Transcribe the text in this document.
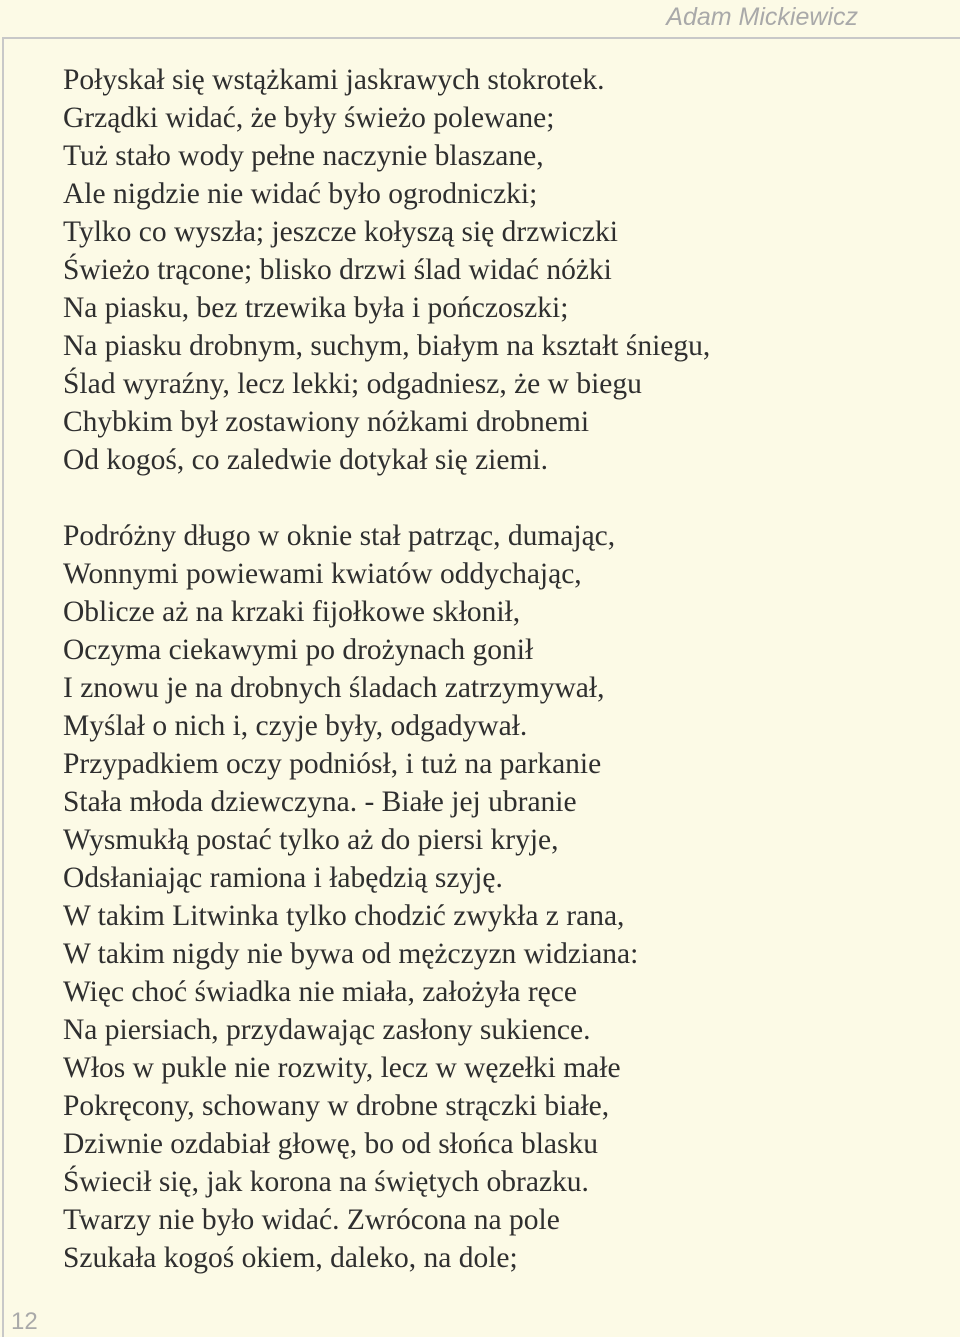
Adam Mickiewicz
Połyskał się wstążkami jaskrawych stokrotek.
Grządki widać, że były świeżo polewane;
Tuż stało wody pełne naczynie blaszane,
Ale nigdzie nie widać było ogrodniczki;
Tylko co wyszła; jeszcze kołyszą się drzwiczki
Świeżo trącone; blisko drzwi ślad widać nóżki
Na piasku, bez trzewika była i pończoszki;
Na piasku drobnym, suchym, białym na kształt śniegu,
Ślad wyraźny, lecz lekki; odgadniesz, że w biegu
Chybkim był zostawiony nóżkami drobnemi
Od kogoś, co zaledwie dotykał się ziemi.
Podróżny długo w oknie stał patrząc, dumając,
Wonnymi powiewami kwiatów oddychając,
Oblicze aż na krzaki fijołkowe skłonił,
Oczyma ciekawymi po drożynach gonił
I znowu je na drobnych śladach zatrzymywał,
Myślał o nich i, czyje były, odgadywał.
Przypadkiem oczy podniósł, i tuż na parkanie
Stała młoda dziewczyna. - Białe jej ubranie
Wysmukłą postać tylko aż do piersi kryje,
Odsłaniając ramiona i łabędzią szyję.
W takim Litwinka tylko chodzić zwykła z rana,
W takim nigdy nie bywa od mężczyzn widziana:
Więc choć świadka nie miała, założyła ręce
Na piersiach, przydawając zasłony sukience.
Włos w pukle nie rozwity, lecz w węzełki małe
Pokręcony, schowany w drobne strączki białe,
Dziwnie ozdabiał głowę, bo od słońca blasku
Świecił się, jak korona na świętych obrazku.
Twarzy nie było widać. Zwrócona na pole
Szukała kogoś okiem, daleko, na dole;
12
